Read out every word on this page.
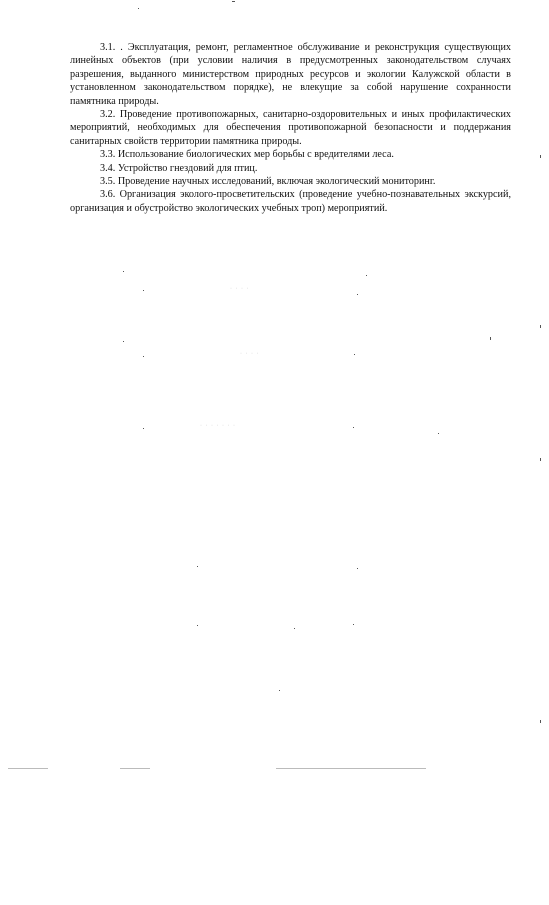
3.1. . Эксплуатация, ремонт, регламентное обслуживание и реконструкция существующих линейных объектов (при условии наличия в предусмотренных законодательством случаях разрешения, выданного министерством природных ресурсов и экологии Калужской области в установленном законодательством порядке), не влекущие за собой нарушение сохранности памятника природы.

3.2. Проведение противопожарных, санитарно-оздоровительных и иных профилактических мероприятий, необходимых для обеспечения противопожарной безопасности и поддержания санитарных свойств территории памятника природы.

3.3. Использование биологических мер борьбы с вредителями леса.

3.4. Устройство гнездовий для птиц.

3.5. Проведение научных исследований, включая экологический мониторинг.

3.6. Организация эколого-просветительских (проведение учебно-познавательных экскурсий, организация и обустройство экологических учебных троп) мероприятий.

· · · ·
· · · ·
· · · · · · ·
